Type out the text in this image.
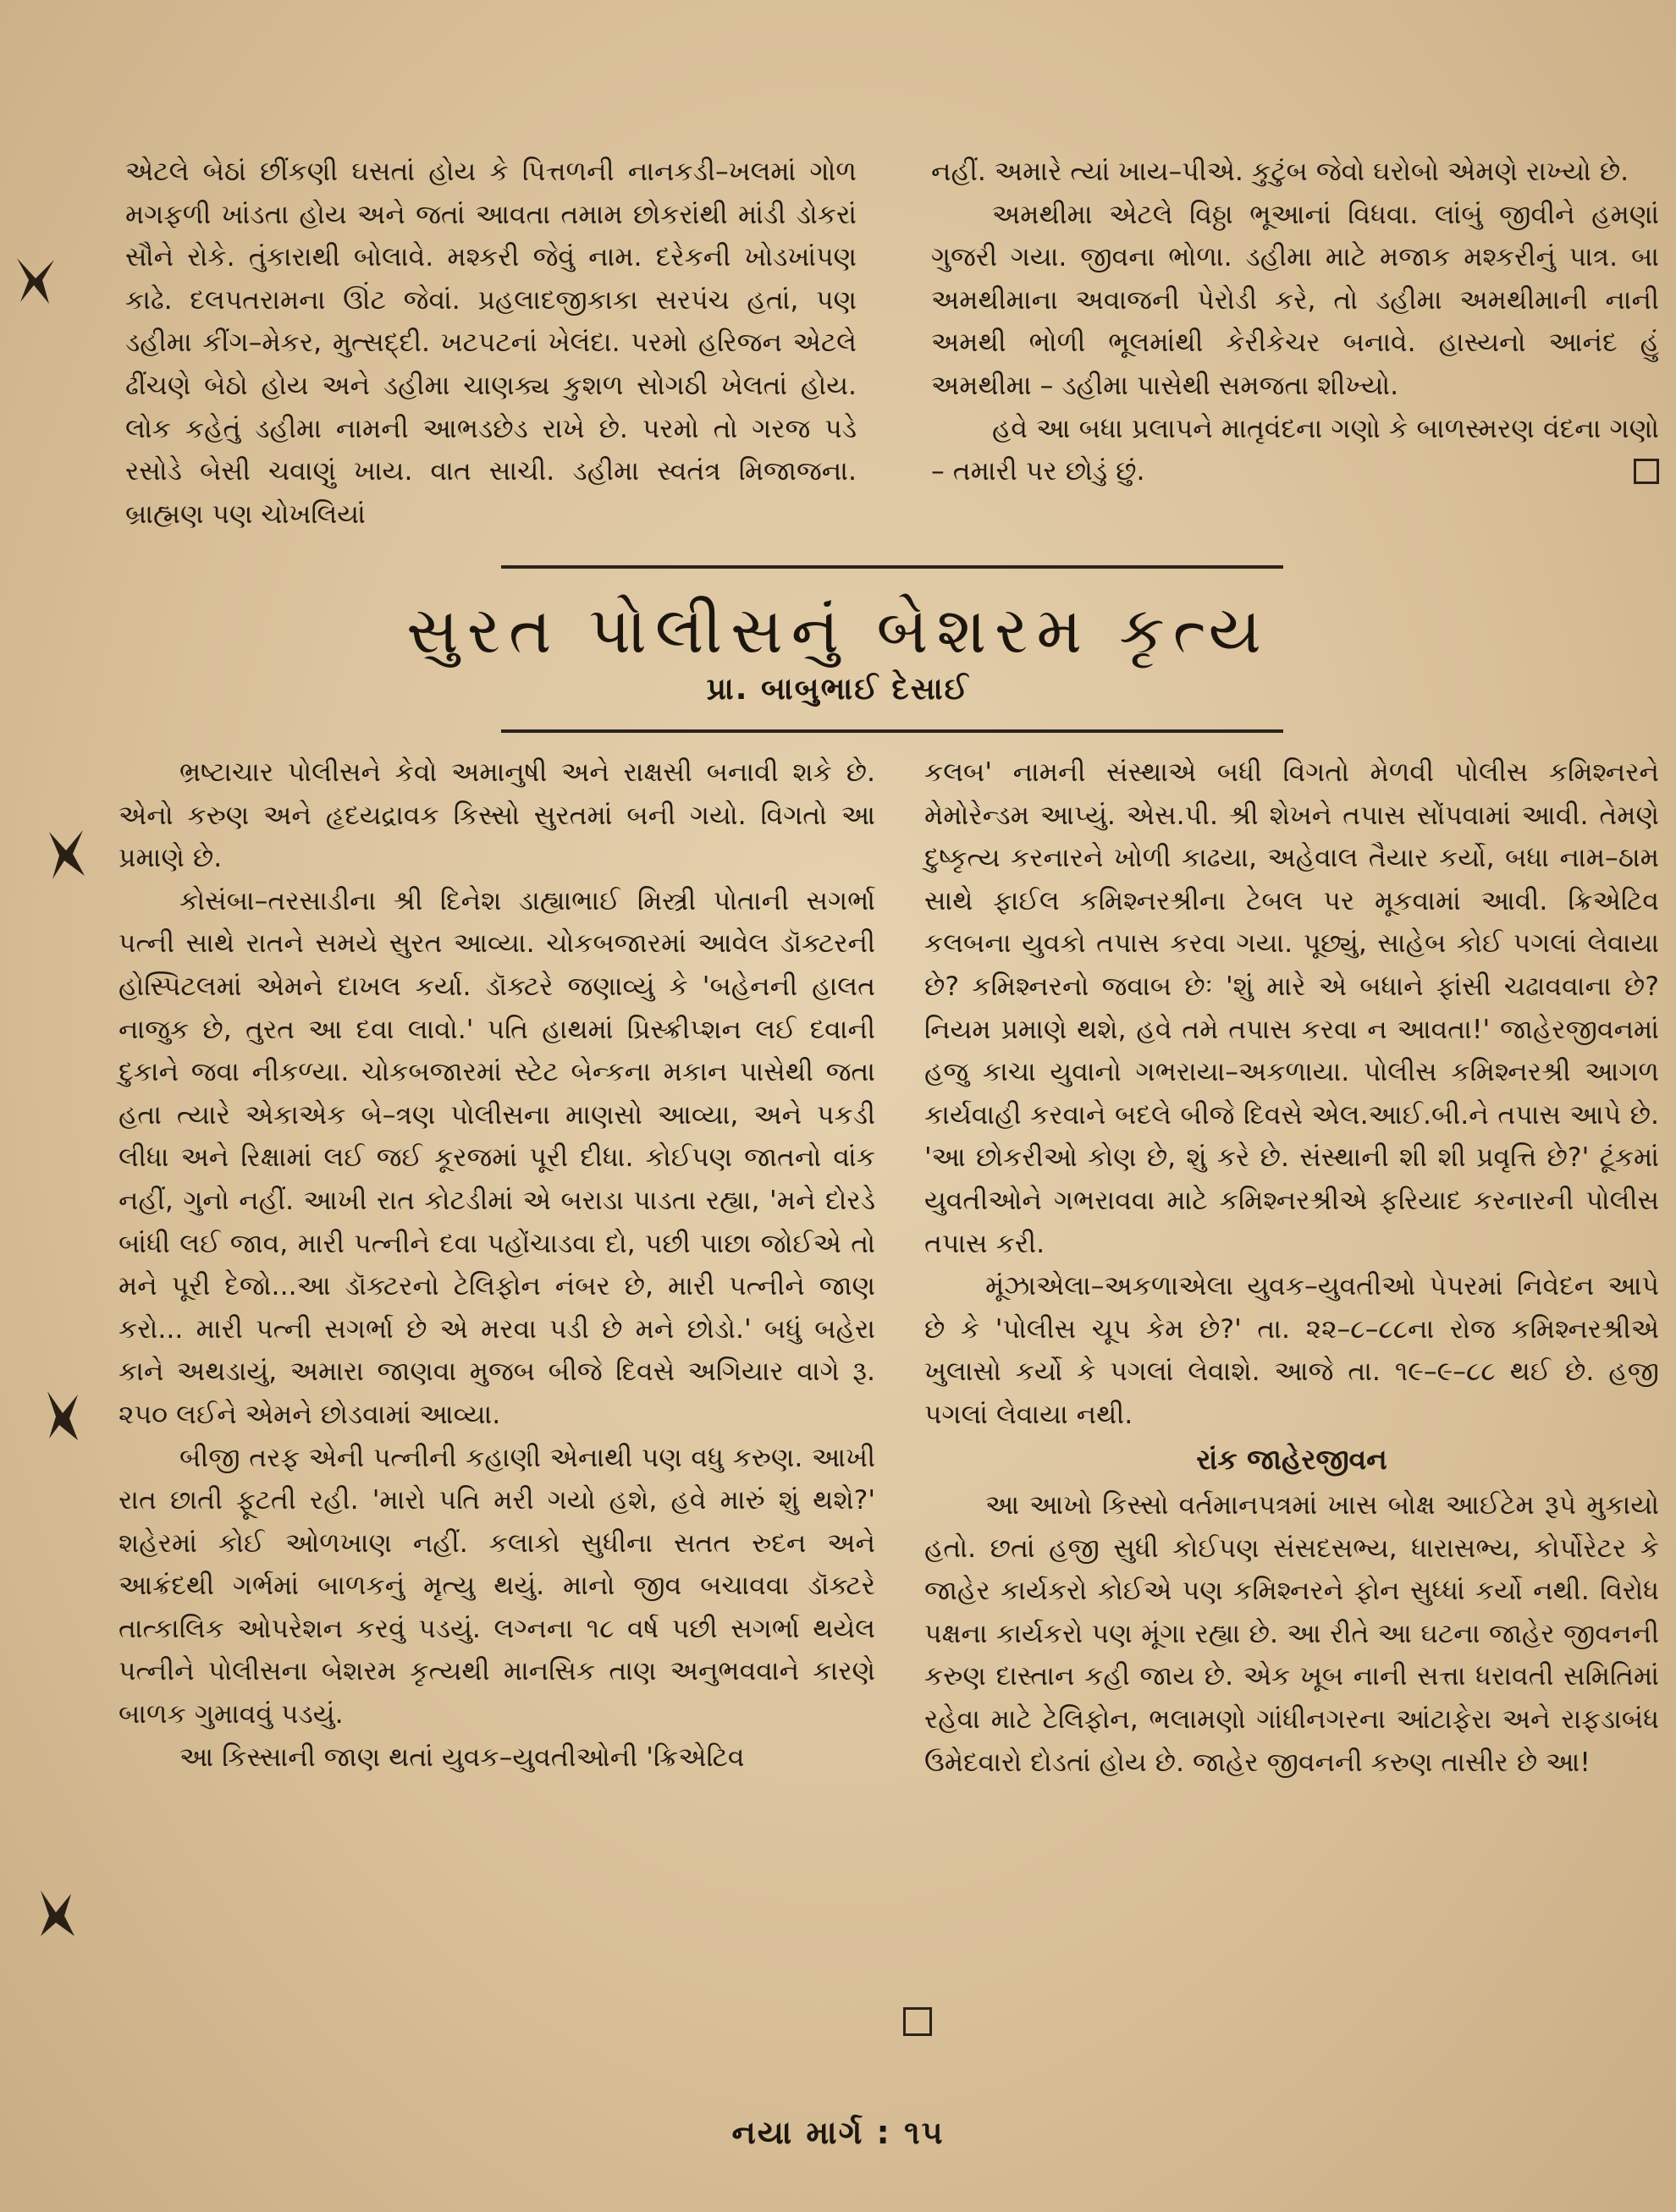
એટલે બેઠાં છીંકણી ઘસતાં હોય કે પિત્તળની નાનકડી–ખલમાં ગોળ મગફળી ખાંડતા હોય અને જતાં આવતા તમામ છોકરાંથી માંડી ડોકરાં સૌને રોકે. તુંકારાથી બોલાવે. મશ્કરી જેવું નામ. દરેકની ખોડખાંપણ કાઢે. દલપતરામના ઊંટ જેવાં. પ્રહલાદજીકાકા સરપંચ હતાં, પણ ડહીમા કીંગ–મેકર, મુત્સદ્દી. ખટપટનાં ખેલંદા. પરમો હરિજન એટલે ઢીંચણે બેઠો હોય અને ડહીમા ચાણક્ય કુશળ સોગઠી ખેલતાં હોય. લોક કહેતું ડહીમા નામની આભડછેડ રાખે છે. પરમો તો ગરજ પડે રસોડે બેસી ચવાણું ખાય. વાત સાચી. ડહીમા સ્વતંત્ર મિજાજના. બ્રાહ્મણ પણ ચોખલિયાં

નહીં. અમારે ત્યાં ખાય–પીએ. કુટુંબ જેવો ઘરોબો એમણે રાખ્યો છે.

અમથીમા એટલે વિઠ્ઠા ભૂઆનાં વિધવા. લાંબું જીવીને હમણાં ગુજરી ગયા. જીવના ભોળા. ડહીમા માટે મજાક મશ્કરીનું પાત્ર. બા અમથીમાના અવાજની પેરોડી કરે, તો ડહીમા અમથીમાની નાની અમથી ભોળી ભૂલમાંથી કેરીકેચર બનાવે. હાસ્યનો આનંદ હું અમથીમા – ડહીમા પાસેથી સમજતા શીખ્યો.

હવે આ બધા પ્રલાપને માતૃવંદના ગણો કે બાળસ્મરણ વંદના ગણો – તમારી પર છોડું છું.

સુરત પોલીસનું બેશરમ કૃત્ય
પ્રા. બાબુભાઈ દેસાઈ

ભ્રષ્ટાચાર પોલીસને કેવો અમાનુષી અને રાક્ષસી બનાવી શકે છે. એનો કરુણ અને હૃદયદ્રાવક કિસ્સો સુરતમાં બની ગયો. વિગતો આ પ્રમાણે છે.

કોસંબા–તરસાડીના શ્રી દિનેશ ડાહ્યાભાઈ મિસ્ત્રી પોતાની સગર્ભા પત્ની સાથે રાતને સમયે સુરત આવ્યા. ચોકબજારમાં આવેલ ડૉક્ટરની હોસ્પિટલમાં એમને દાખલ કર્યા. ડૉક્ટરે જણાવ્યું કે 'બહેનની હાલત નાજુક છે, તુરત આ દવા લાવો.' પતિ હાથમાં પ્રિસ્ક્રીપ્શન લઈ દવાની દુકાને જવા નીકળ્યા. ચોકબજારમાં સ્ટેટ બેન્કના મકાન પાસેથી જતા હતા ત્યારે એકાએક બે–ત્રણ પોલીસના માણસો આવ્યા, અને પકડી લીધા અને રિક્ષામાં લઈ જઈ કૂરજમાં પૂરી દીધા. કોઈપણ જાતનો વાંક નહીં, ગુનો નહીં. આખી રાત કોટડીમાં એ બરાડા પાડતા રહ્યા, 'મને દોરડે બાંધી લઈ જાવ, મારી પત્નીને દવા પહોંચાડવા દો, પછી પાછા જોઈએ તો મને પૂરી દેજો...આ ડૉક્ટરનો ટેલિફોન નંબર છે, મારી પત્નીને જાણ કરો... મારી પત્ની સગર્ભા છે એ મરવા પડી છે મને છોડો.' બધું બહેરા કાને અથડાયું, અમારા જાણવા મુજબ બીજે દિવસે અગિયાર વાગે રૂ. ૨૫૦ લઈને એમને છોડવામાં આવ્યા.

બીજી તરફ એની પત્નીની કહાણી એનાથી પણ વધુ કરુણ. આખી રાત છાતી ફૂટતી રહી. 'મારો પતિ મરી ગયો હશે, હવે મારું શું થશે?' શહેરમાં કોઈ ઓળખાણ નહીં. કલાકો સુધીના સતત રુદન અને આક્રંદથી ગર્ભમાં બાળકનું મૃત્યુ થયું. માનો જીવ બચાવવા ડૉક્ટરે તાત્કાલિક ઓપરેશન કરવું પડયું. લગ્નના ૧૮ વર્ષ પછી સગર્ભા થયેલ પત્નીને પોલીસના બેશરમ કૃત્યથી માનસિક તાણ અનુભવવાને કારણે બાળક ગુમાવવું પડયું.

આ કિસ્સાની જાણ થતાં યુવક–યુવતીઓની 'ક્રિએટિવ

કલબ' નામની સંસ્થાએ બધી વિગતો મેળવી પોલીસ કમિશ્નરને મેમોરેન્ડમ આપ્યું. એસ.પી. શ્રી શેખને તપાસ સોંપવામાં આવી. તેમણે દુષ્કૃત્ય કરનારને ખોળી કાઢયા, અહેવાલ તૈયાર કર્યો, બધા નામ–ઠામ સાથે ફાઈલ કમિશ્નરશ્રીના ટેબલ પર મૂકવામાં આવી. ક્રિએટિવ કલબના યુવકો તપાસ કરવા ગયા. પૂછ્યું, સાહેબ કોઈ પગલાં લેવાયા છે? કમિશ્નરનો જવાબ છેઃ 'શું મારે એ બધાને ફાંસી ચઢાવવાના છે? નિયમ પ્રમાણે થશે, હવે તમે તપાસ કરવા ન આવતા!' જાહેરજીવનમાં હજુ કાચા યુવાનો ગભરાયા–અકળાયા. પોલીસ કમિશ્નરશ્રી આગળ કાર્યવાહી કરવાને બદલે બીજે દિવસે એલ.આઈ.બી.ને તપાસ આપે છે. 'આ છોકરીઓ કોણ છે, શું કરે છે. સંસ્થાની શી શી પ્રવૃત્તિ છે?' ટૂંકમાં યુવતીઓને ગભરાવવા માટે કમિશ્નરશ્રીએ ફરિયાદ કરનારની પોલીસ તપાસ કરી.

મૂંઝાએલા–અકળાએલા યુવક–યુવતીઓ પેપરમાં નિવેદન આપે છે કે 'પોલીસ ચૂપ કેમ છે?' તા. ૨૨–૮–૮૮ના રોજ કમિશ્નરશ્રીએ ખુલાસો કર્યો કે પગલાં લેવાશે. આજે તા. ૧૯–૯–૮૮ થઈ છે. હજી પગલાં લેવાયા નથી.

રાંક જાહેરજીવન

આ આખો કિસ્સો વર્તમાનપત્રમાં ખાસ બોક્ષ આઈટેમ રૂપે મુકાયો હતો. છતાં હજી સુધી કોઈપણ સંસદસભ્ય, ધારાસભ્ય, કોર્પોરેટર કે જાહેર કાર્યકરો કોઈએ પણ કમિશ્નરને ફોન સુધ્ધાં કર્યો નથી. વિરોધ પક્ષના કાર્યકરો પણ મૂંગા રહ્યા છે. આ રીતે આ ઘટના જાહેર જીવનની કરુણ દાસ્તાન કહી જાય છે. એક ખૂબ નાની સત્તા ધરાવતી સમિતિમાં રહેવા માટે ટેલિફોન, ભલામણો ગાંધીનગરના આંટાફેરા અને રાફડાબંધ ઉમેદવારો દોડતાં હોય છે. જાહેર જીવનની કરુણ તાસીર છે આ!

નયા માર્ગ : ૧૫
